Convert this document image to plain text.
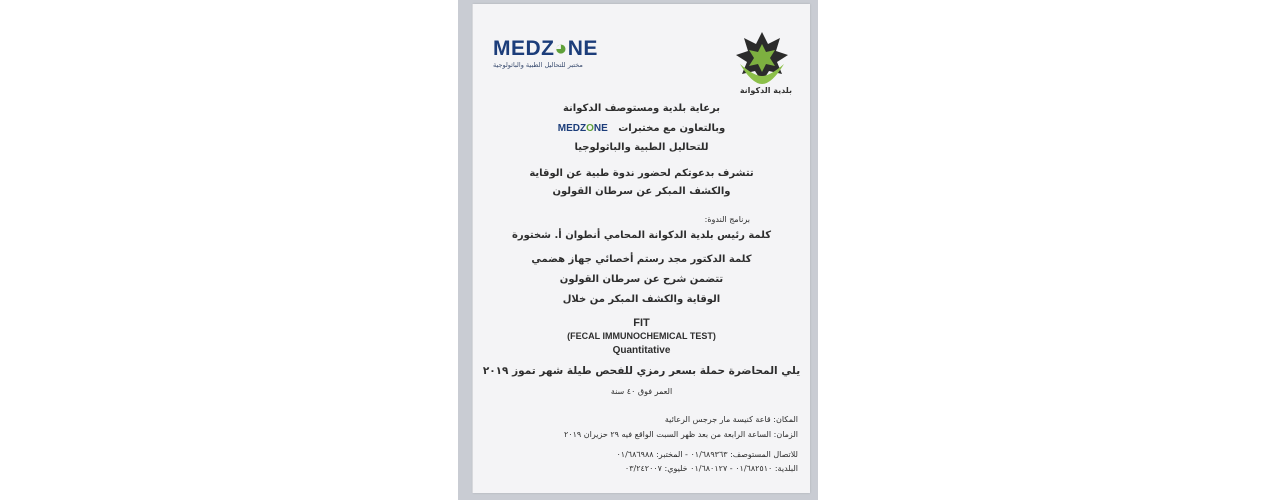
MEDZ◕NE
مختبر للتحاليل الطبية والباثولوجية
بلدية الدكوانة
برعاية بلدية ومستوصف الدكوانة
وبالتعاون مع مختبرات   MEDZONE
للتحاليل الطبية والباثولوجيا
تتشرف بدعوتكم لحضور ندوة طبية عن الوقاية
والكشف المبكر عن سرطان القولون
برنامج الندوة:
كلمة رئيس بلدية الدكوانة المحامي أنطوان أ. شختورة
كلمة الدكتور مجد رستم أخصائي جهاز هضمي
تتضمن شرح عن سرطان القولون
الوقاية والكشف المبكر من خلال
FIT
(FECAL IMMUNOCHEMICAL TEST)
Quantitative
يلي المحاضرة حملة بسعر رمزي للفحص طيلة شهر تموز ٢٠١٩
العمر فوق ٤٠ سنة
المكان: قاعة كنيسة مار جرجس الرعائية
الزمان: الساعة الرابعة من بعد ظهر السبت الواقع فيه ٢٩ حزيران ٢٠١٩
للاتصال المستوصف: ٠١/٦٨٩٣٦٣ - المختبر: ٠١/٦٨٦٩٨٨
البلدية: ٠١/٦٨٢٥١٠ - ٠١/٦٨٠١٢٧ خليوي: ٠٣/٢٤٢٠٠٧
